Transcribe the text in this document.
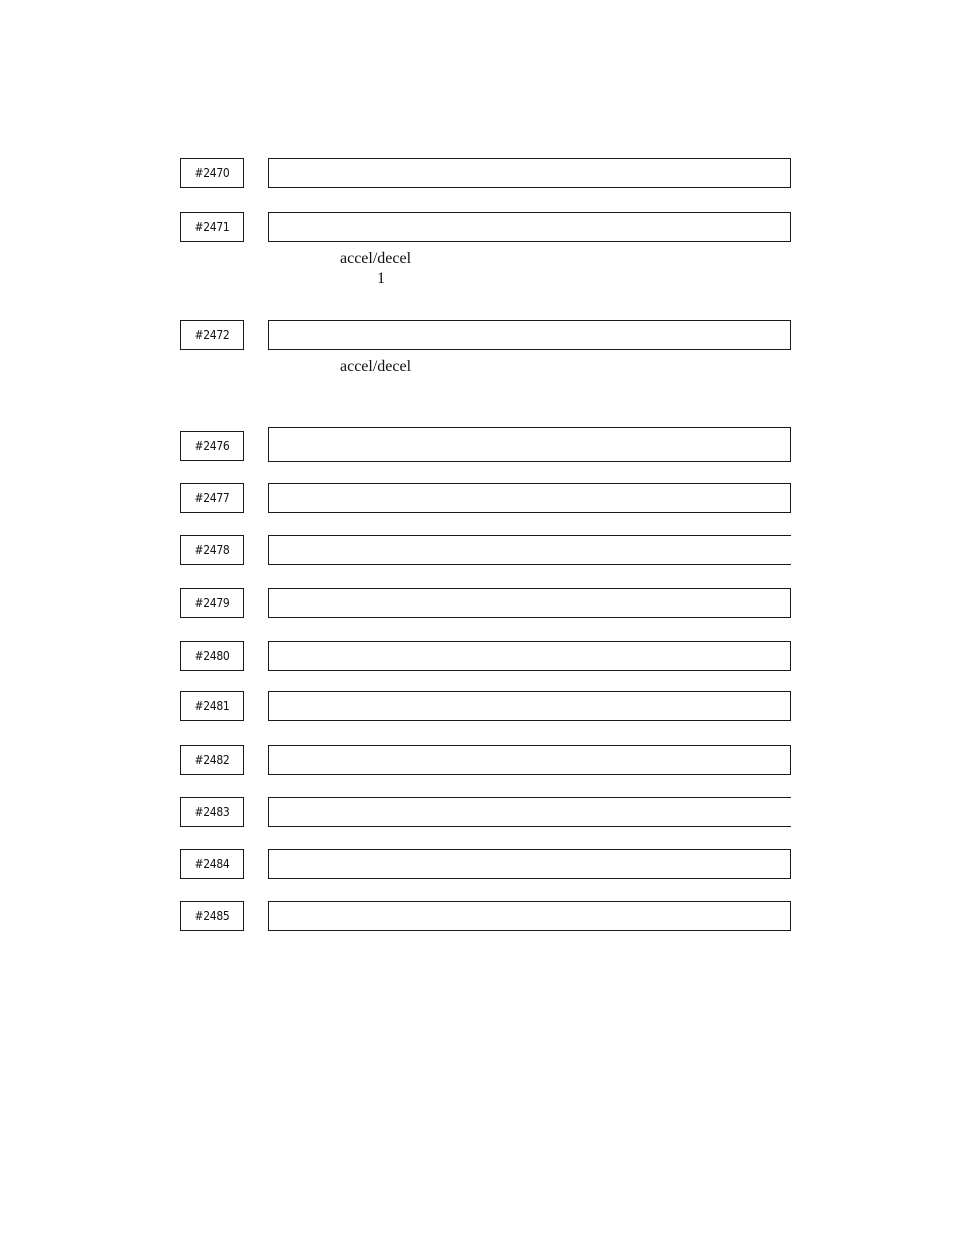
#2470
#2471
accel/decel
1
#2472
accel/decel
#2476
#2477
#2478
#2479
#2480
#2481
#2482
#2483
#2484
#2485
